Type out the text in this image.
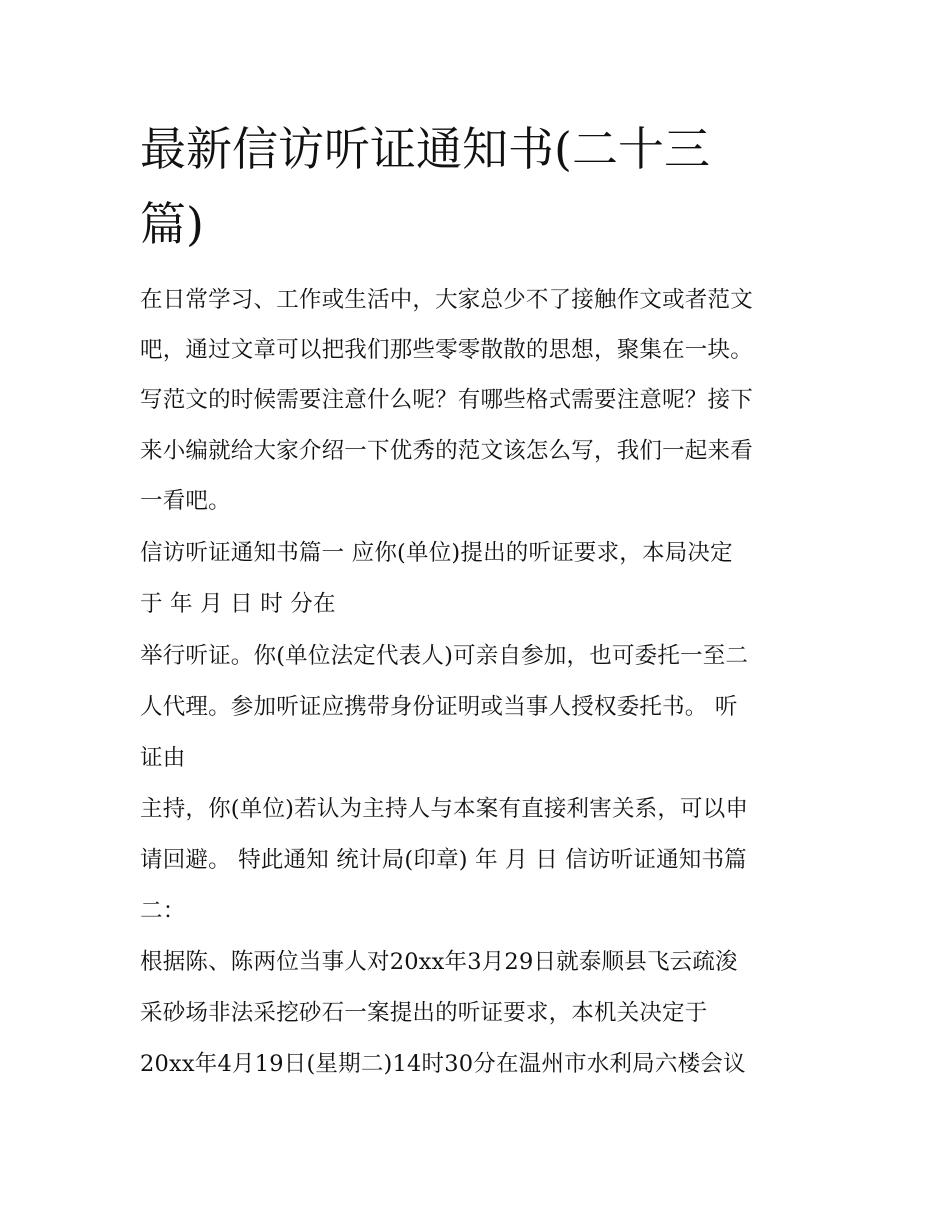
最新信访听证通知书(二十三
篇)

在日常学习、工作或生活中，大家总少不了接触作文或者范文

吧，通过文章可以把我们那些零零散散的思想，聚集在一块。

写范文的时候需要注意什么呢？有哪些格式需要注意呢？接下

来小编就给大家介绍一下优秀的范文该怎么写，我们一起来看

一看吧。

信访听证通知书篇一 应你(单位)提出的听证要求，本局决定

于 年 月 日 时 分在

举行听证。你(单位法定代表人)可亲自参加，也可委托一至二

人代理。参加听证应携带身份证明或当事人授权委托书。 听

证由

主持，你(单位)若认为主持人与本案有直接利害关系，可以申

请回避。 特此通知 统计局(印章) 年 月 日 信访听证通知书篇

二：

根据陈、陈两位当事人对20xx年3月29日就泰顺县飞云疏浚

采砂场非法采挖砂石一案提出的听证要求，本机关决定于

20xx年4月19日(星期二)14时30分在温州市水利局六楼会议
